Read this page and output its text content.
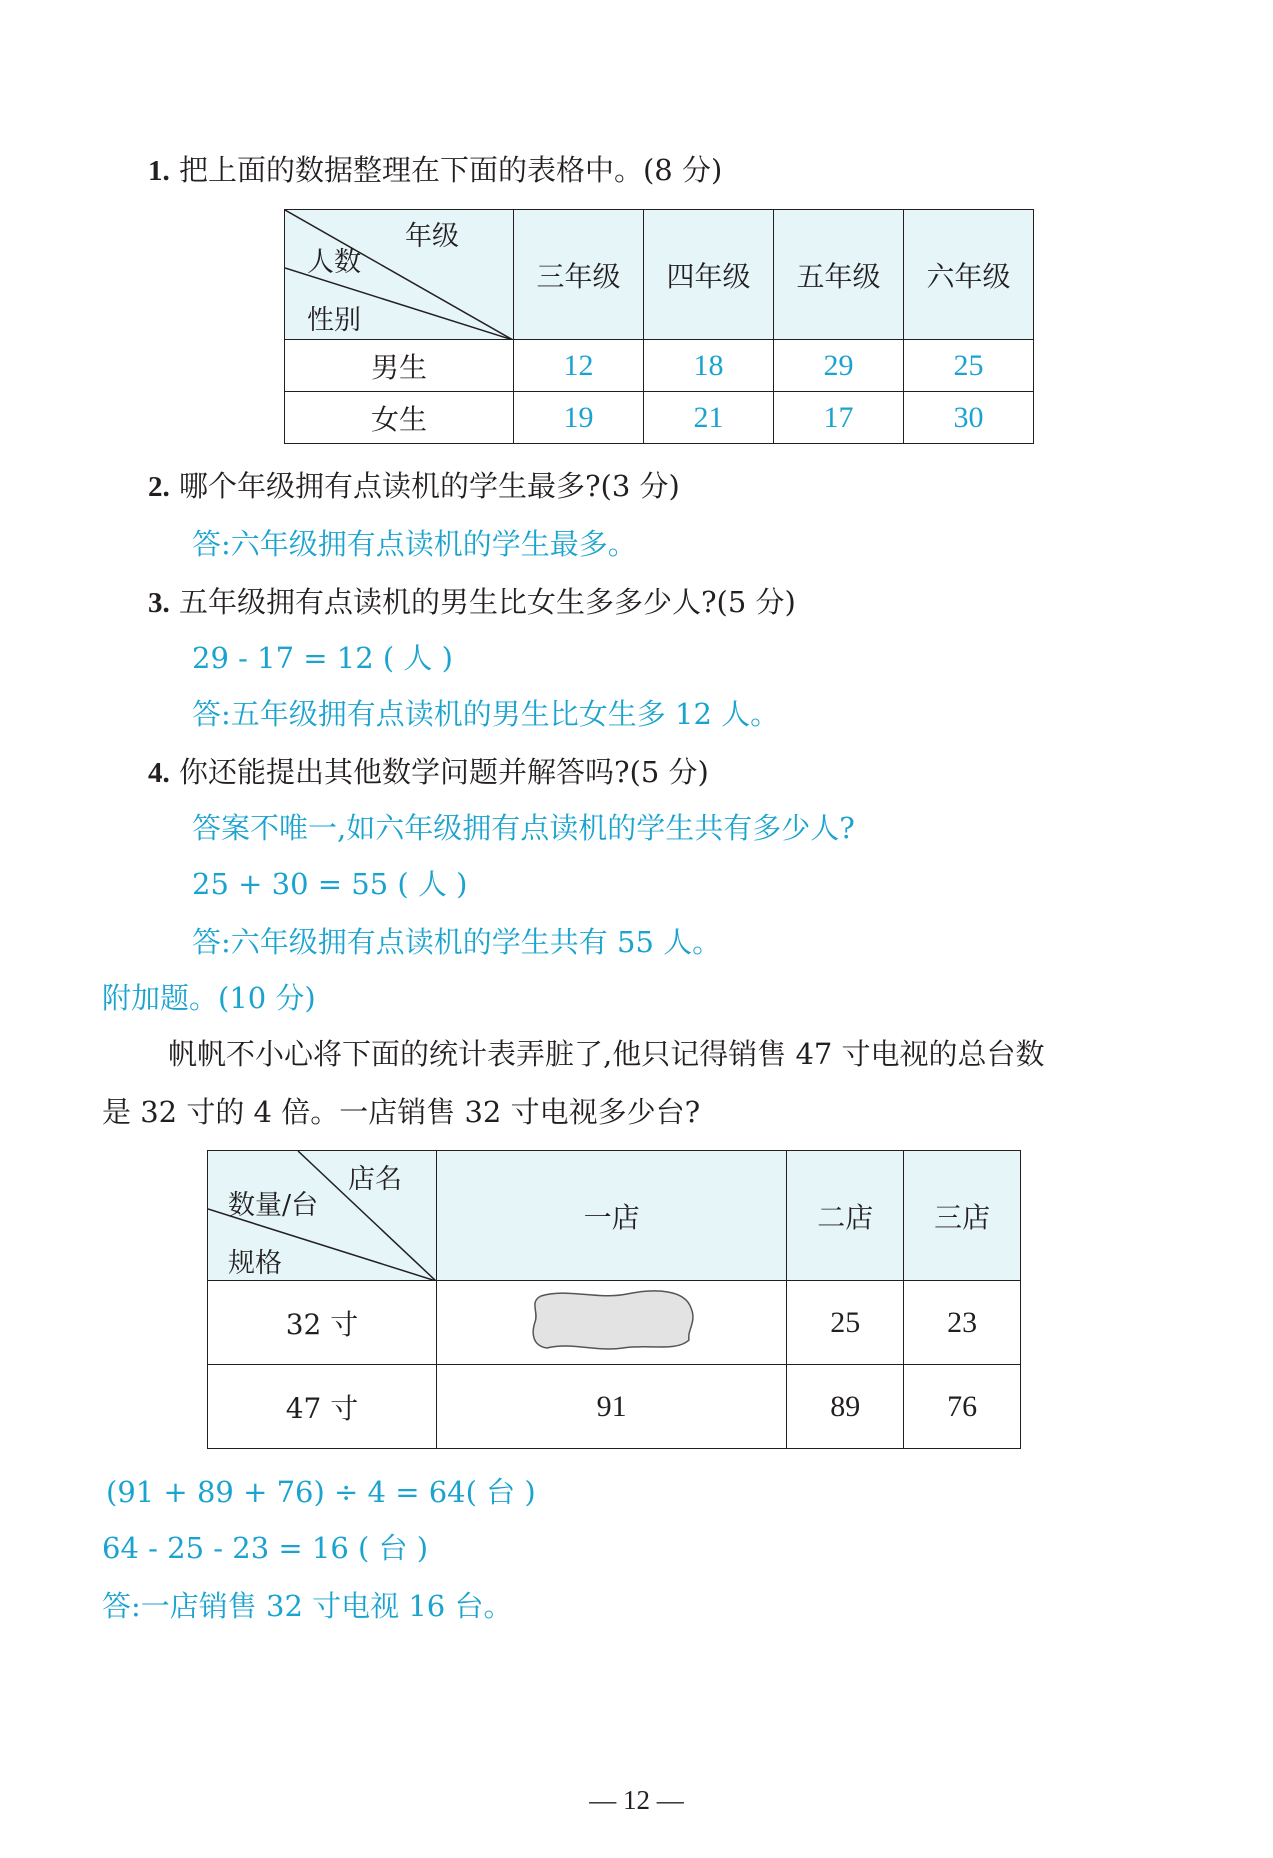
1. 把上面的数据整理在下面的表格中。(8 分)
年级
人数
性别	三年级	四年级	五年级	六年级
男生	12	18	29	25
女生	19	21	17	30
2. 哪个年级拥有点读机的学生最多?(3 分)
答:六年级拥有点读机的学生最多。
3. 五年级拥有点读机的男生比女生多多少人?(5 分)
29 - 17 = 12 ( 人 )
答:五年级拥有点读机的男生比女生多 12 人。
4. 你还能提出其他数学问题并解答吗?(5 分)
答案不唯一,如六年级拥有点读机的学生共有多少人?
25 + 30 = 55 ( 人 )
答:六年级拥有点读机的学生共有 55 人。
附加题。(10 分)
帆帆不小心将下面的统计表弄脏了,他只记得销售 47 寸电视的总台数
是 32 寸的 4 倍。一店销售 32 寸电视多少台?
店名
数量/台
规格	一店	二店	三店
32 寸		25	23
47 寸	91	89	76
(91 + 89 + 76) ÷ 4 = 64( 台 )
64 - 25 - 23 = 16 ( 台 )
答:一店销售 32 寸电视 16 台。
— 12 —
